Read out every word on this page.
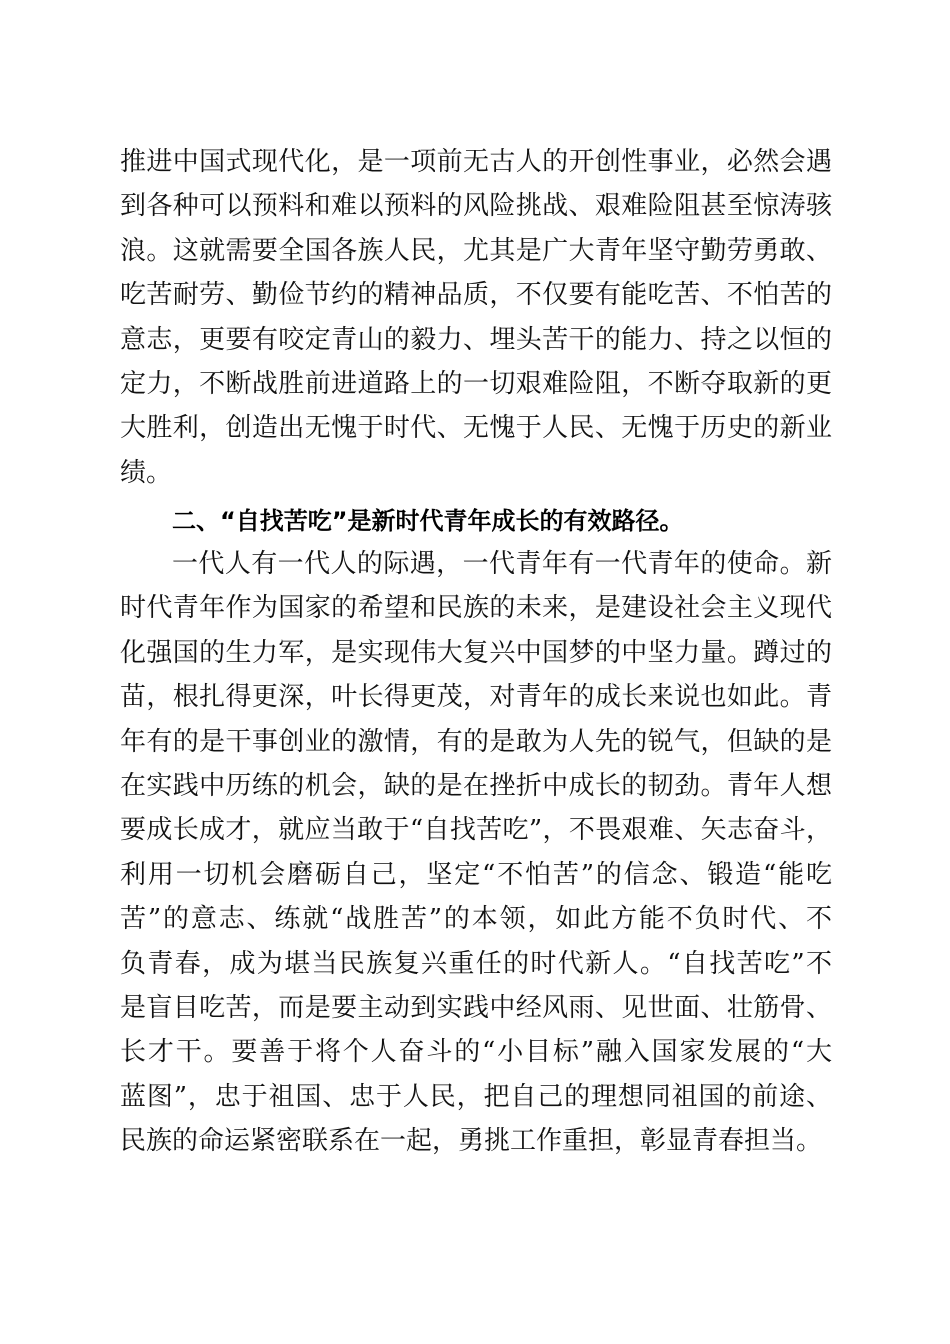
推进中国式现代化，是一项前无古人的开创性事业，必然会遇
到各种可以预料和难以预料的风险挑战、艰难险阻甚至惊涛骇
浪。这就需要全国各族人民，尤其是广大青年坚守勤劳勇敢、
吃苦耐劳、勤俭节约的精神品质，不仅要有能吃苦、不怕苦的
意志，更要有咬定青山的毅力、埋头苦干的能力、持之以恒的
定力，不断战胜前进道路上的一切艰难险阻，不断夺取新的更
大胜利，创造出无愧于时代、无愧于人民、无愧于历史的新业
绩。
二、“自找苦吃”是新时代青年成长的有效路径。
一代人有一代人的际遇，一代青年有一代青年的使命。新
时代青年作为国家的希望和民族的未来，是建设社会主义现代
化强国的生力军，是实现伟大复兴中国梦的中坚力量。蹲过的
苗，根扎得更深，叶长得更茂，对青年的成长来说也如此。青
年有的是干事创业的激情，有的是敢为人先的锐气，但缺的是
在实践中历练的机会，缺的是在挫折中成长的韧劲。青年人想
要成长成才，就应当敢于“自找苦吃”，不畏艰难、矢志奋斗，
利用一切机会磨砺自己，坚定“不怕苦”的信念、锻造“能吃
苦”的意志、练就“战胜苦”的本领，如此方能不负时代、不
负青春，成为堪当民族复兴重任的时代新人。“自找苦吃”不
是盲目吃苦，而是要主动到实践中经风雨、见世面、壮筋骨、
长才干。要善于将个人奋斗的“小目标”融入国家发展的“大
蓝图”，忠于祖国、忠于人民，把自己的理想同祖国的前途、
民族的命运紧密联系在一起，勇挑工作重担，彰显青春担当。
